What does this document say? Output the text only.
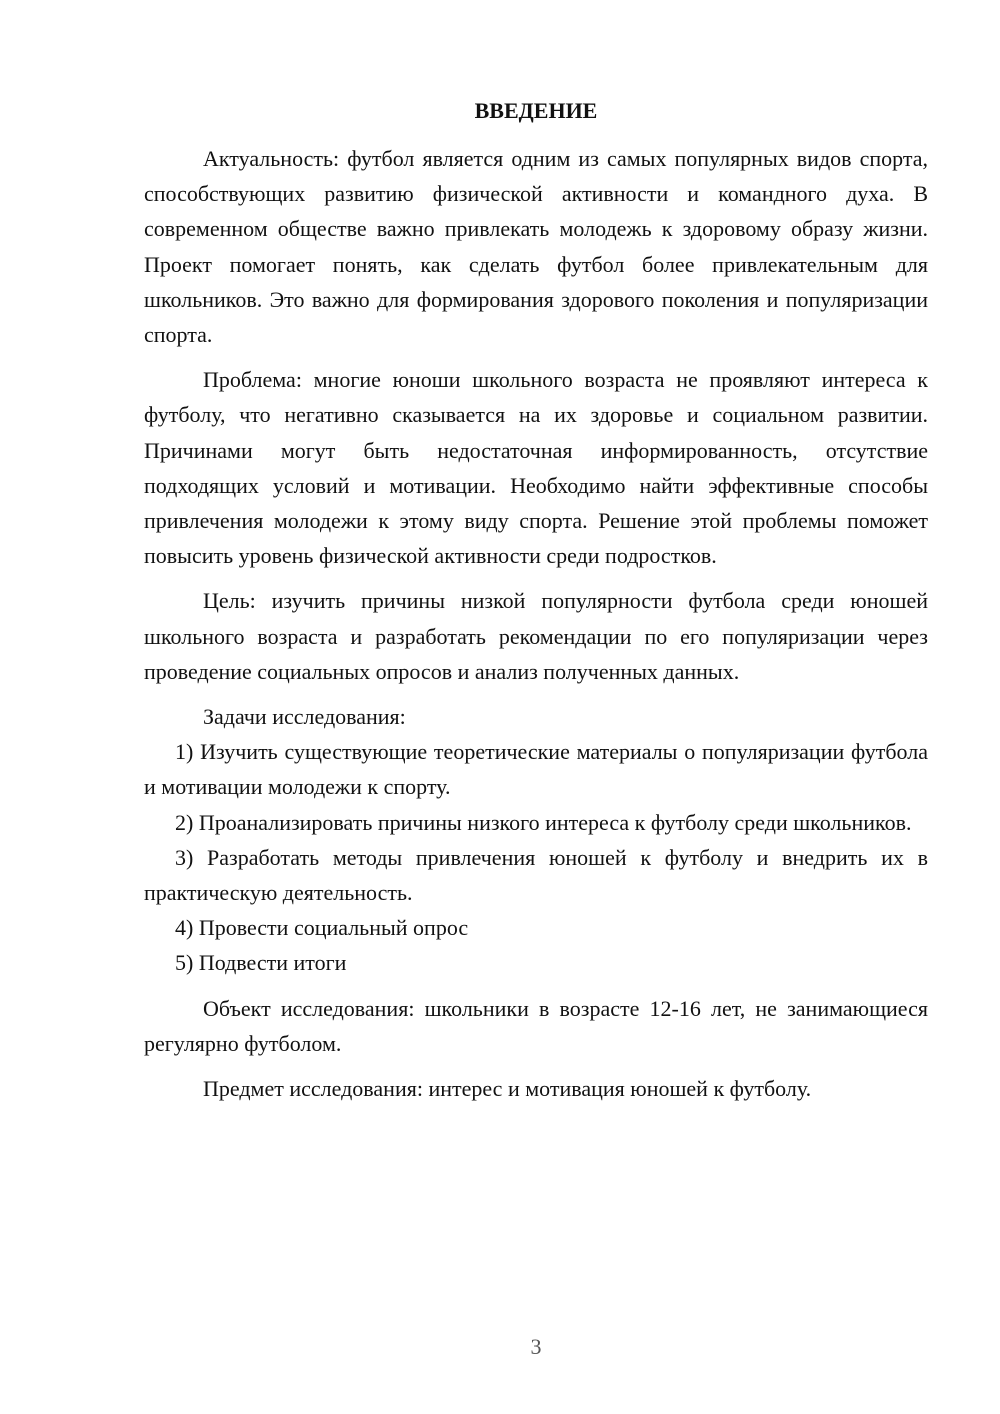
ВВЕДЕНИЕ

Актуальность: футбол является одним из самых популярных видов спорта, способствующих развитию физической активности и командного духа. В современном обществе важно привлекать молодежь к здоровому образу жизни. Проект помогает понять, как сделать футбол более привлекательным для школьников. Это важно для формирования здорового поколения и популяризации спорта.

Проблема: многие юноши школьного возраста не проявляют интереса к футболу, что негативно сказывается на их здоровье и социальном развитии. Причинами могут быть недостаточная информированность, отсутствие подходящих условий и мотивации. Необходимо найти эффективные способы привлечения молодежи к этому виду спорта. Решение этой проблемы поможет повысить уровень физической активности среди подростков.

Цель: изучить причины низкой популярности футбола среди юношей школьного возраста и разработать рекомендации по его популяризации через проведение социальных опросов и анализ полученных данных.

Задачи исследования:

1) Изучить существующие теоретические материалы о популяризации футбола и мотивации молодежи к спорту.

2) Проанализировать причины низкого интереса к футболу среди школьников.

3) Разработать методы привлечения юношей к футболу и внедрить их в практическую деятельность.

4) Провести социальный опрос

5) Подвести итоги

Объект исследования: школьники в возрасте 12-16 лет, не занимающиеся регулярно футболом.

Предмет исследования: интерес и мотивация юношей к футболу.

3
